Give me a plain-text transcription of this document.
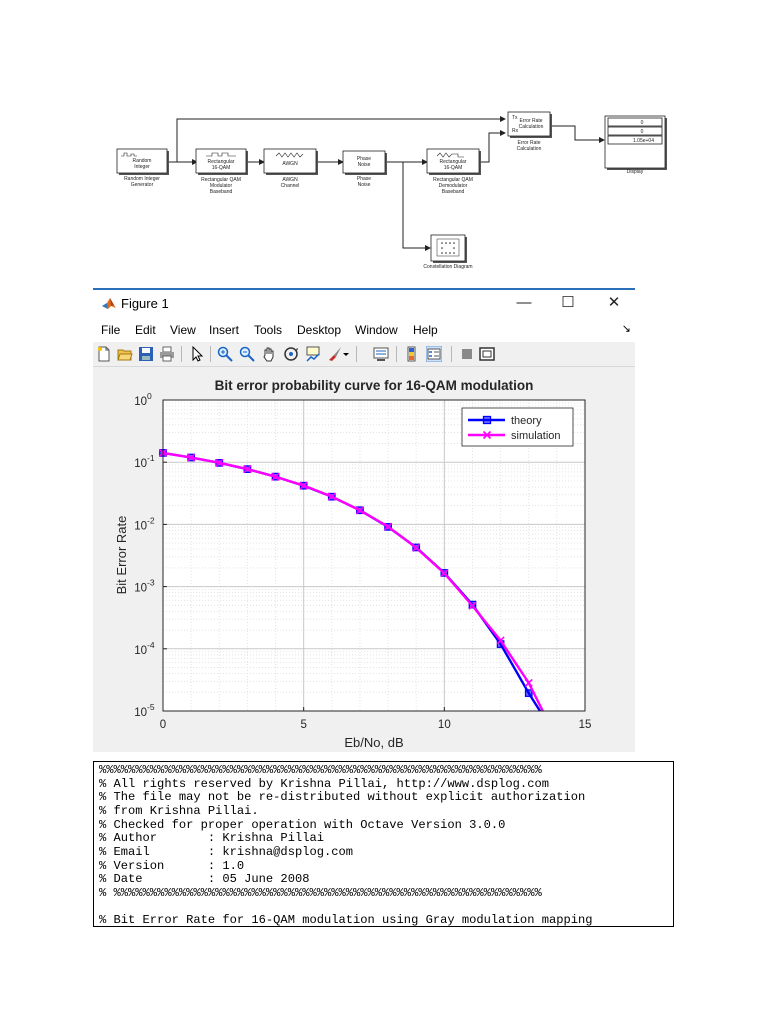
Random
Integer
Random Integer
Generator
Rectangular
16-QAM
Rectangular QAM
Modulator
Baseband
AWGN
AWGN
Channel
Phase
Noise
Phase
Noise
Rectangular
16-QAM
Rectangular QAM
Demodulator
Baseband
Tx
Rx
Error Rate
Calculation
Error Rate
Calculation
0
0
1.05e+04
Display
Constellation Diagram
Figure 1	—	☐	✕
File Edit View Insert Tools Desktop Window Help	↘
0	5	10	15
10 0
10 -1
10 -2
10 -3
10 -4
10 -5
Bit error probability curve for 16-QAM modulation
Eb/No, dB
Bit Error Rate
theory
simulation
%%%%%%%%%%%%%%%%%%%%%%%%%%%%%%%%%%%%%%%%%%%%%%%%%%%%%%%%%%%%%
% All rights reserved by Krishna Pillai, http://www.dsplog.com
% The file may not be re-distributed without explicit authorization
% from Krishna Pillai.
% Checked for proper operation with Octave Version 3.0.0
% Author       : Krishna Pillai
% Email        : krishna@dsplog.com
% Version      : 1.0
% Date         : 05 June 2008
% %%%%%%%%%%%%%%%%%%%%%%%%%%%%%%%%%%%%%%%%%%%%%%%%%%%%%%%%%%%

% Bit Error Rate for 16-QAM modulation using Gray modulation mapping
